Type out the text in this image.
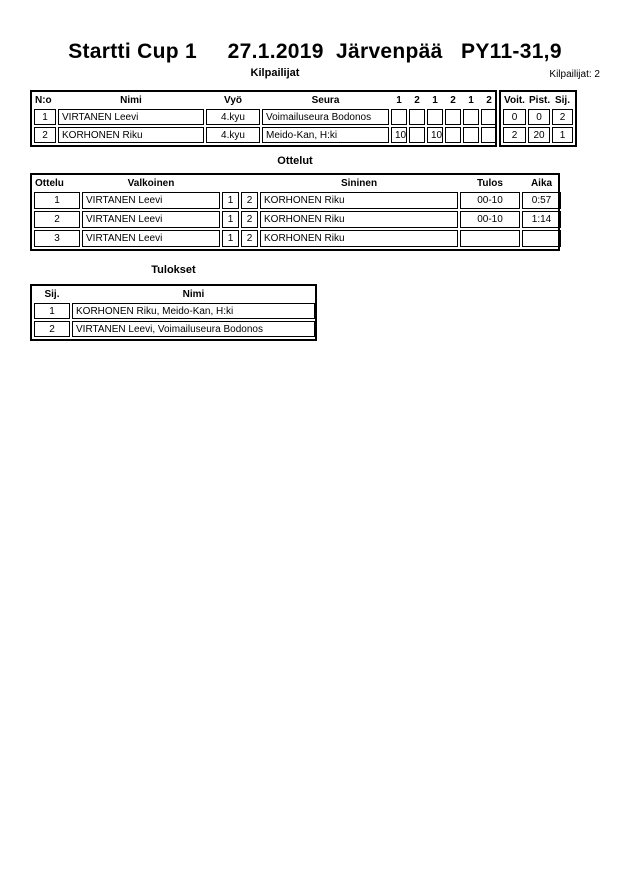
Startti Cup 1     27.1.2019  Järvenpää   PY11-31,9
Kilpailijat	Kilpailijat: 2
N:o	Nimi	Vyö	Seura	1	2	1	2	1	2
1	VIRTANEN Leevi	4.kyu	Voimailuseura Bodonos						
2	KORHONEN Riku	4.kyu	Meido-Kan, H:ki	10		10			
Voit.	Pist.	Sij.
0	0	2
2	20	1
Ottelut
Ottelu	Valkoinen			Sininen	Tulos	Aika
1	VIRTANEN Leevi	1	2	KORHONEN Riku	00-10	0:57
2	VIRTANEN Leevi	1	2	KORHONEN Riku	00-10	1:14
3	VIRTANEN Leevi	1	2	KORHONEN Riku		
Tulokset
Sij.	Nimi
1	KORHONEN Riku, Meido-Kan, H:ki
2	VIRTANEN Leevi, Voimailuseura Bodonos
